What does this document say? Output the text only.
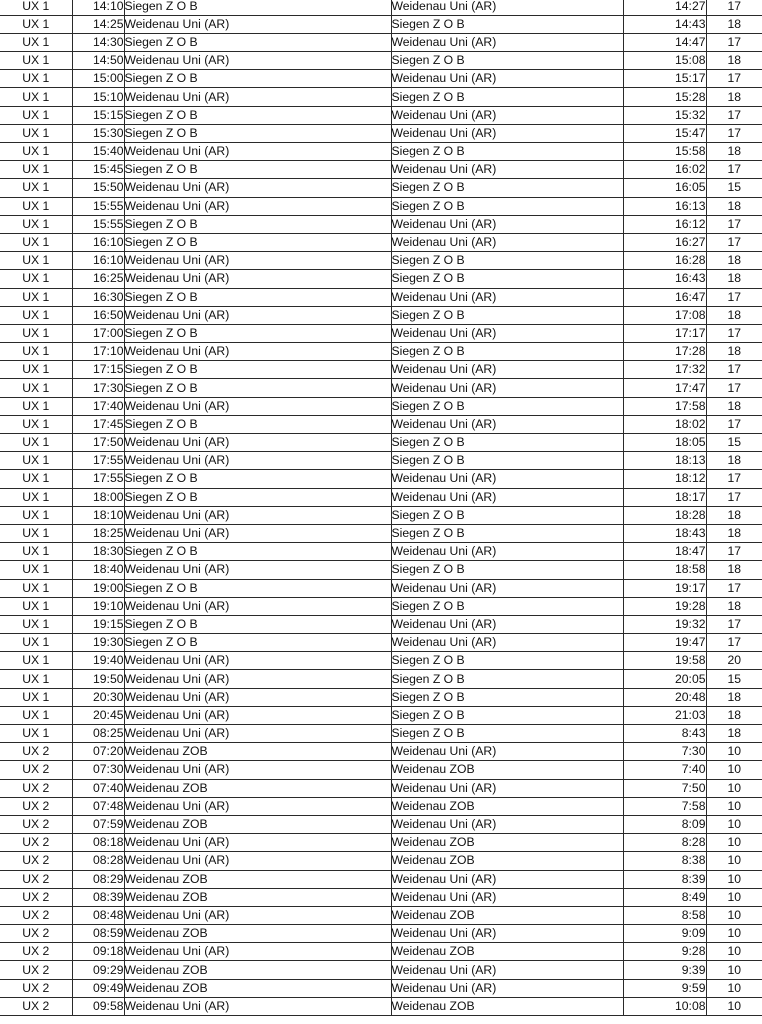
UX 1	14:10	Siegen Z O B	Weidenau Uni (AR)	14:27	17
UX 1	14:25	Weidenau Uni (AR)	Siegen Z O B	14:43	18
UX 1	14:30	Siegen Z O B	Weidenau Uni (AR)	14:47	17
UX 1	14:50	Weidenau Uni (AR)	Siegen Z O B	15:08	18
UX 1	15:00	Siegen Z O B	Weidenau Uni (AR)	15:17	17
UX 1	15:10	Weidenau Uni (AR)	Siegen Z O B	15:28	18
UX 1	15:15	Siegen Z O B	Weidenau Uni (AR)	15:32	17
UX 1	15:30	Siegen Z O B	Weidenau Uni (AR)	15:47	17
UX 1	15:40	Weidenau Uni (AR)	Siegen Z O B	15:58	18
UX 1	15:45	Siegen Z O B	Weidenau Uni (AR)	16:02	17
UX 1	15:50	Weidenau Uni (AR)	Siegen Z O B	16:05	15
UX 1	15:55	Weidenau Uni (AR)	Siegen Z O B	16:13	18
UX 1	15:55	Siegen Z O B	Weidenau Uni (AR)	16:12	17
UX 1	16:10	Siegen Z O B	Weidenau Uni (AR)	16:27	17
UX 1	16:10	Weidenau Uni (AR)	Siegen Z O B	16:28	18
UX 1	16:25	Weidenau Uni (AR)	Siegen Z O B	16:43	18
UX 1	16:30	Siegen Z O B	Weidenau Uni (AR)	16:47	17
UX 1	16:50	Weidenau Uni (AR)	Siegen Z O B	17:08	18
UX 1	17:00	Siegen Z O B	Weidenau Uni (AR)	17:17	17
UX 1	17:10	Weidenau Uni (AR)	Siegen Z O B	17:28	18
UX 1	17:15	Siegen Z O B	Weidenau Uni (AR)	17:32	17
UX 1	17:30	Siegen Z O B	Weidenau Uni (AR)	17:47	17
UX 1	17:40	Weidenau Uni (AR)	Siegen Z O B	17:58	18
UX 1	17:45	Siegen Z O B	Weidenau Uni (AR)	18:02	17
UX 1	17:50	Weidenau Uni (AR)	Siegen Z O B	18:05	15
UX 1	17:55	Weidenau Uni (AR)	Siegen Z O B	18:13	18
UX 1	17:55	Siegen Z O B	Weidenau Uni (AR)	18:12	17
UX 1	18:00	Siegen Z O B	Weidenau Uni (AR)	18:17	17
UX 1	18:10	Weidenau Uni (AR)	Siegen Z O B	18:28	18
UX 1	18:25	Weidenau Uni (AR)	Siegen Z O B	18:43	18
UX 1	18:30	Siegen Z O B	Weidenau Uni (AR)	18:47	17
UX 1	18:40	Weidenau Uni (AR)	Siegen Z O B	18:58	18
UX 1	19:00	Siegen Z O B	Weidenau Uni (AR)	19:17	17
UX 1	19:10	Weidenau Uni (AR)	Siegen Z O B	19:28	18
UX 1	19:15	Siegen Z O B	Weidenau Uni (AR)	19:32	17
UX 1	19:30	Siegen Z O B	Weidenau Uni (AR)	19:47	17
UX 1	19:40	Weidenau Uni (AR)	Siegen Z O B	19:58	20
UX 1	19:50	Weidenau Uni (AR)	Siegen Z O B	20:05	15
UX 1	20:30	Weidenau Uni (AR)	Siegen Z O B	20:48	18
UX 1	20:45	Weidenau Uni (AR)	Siegen Z O B	21:03	18
UX 1	08:25	Weidenau Uni (AR)	Siegen Z O B	8:43	18
UX 2	07:20	Weidenau ZOB	Weidenau Uni (AR)	7:30	10
UX 2	07:30	Weidenau Uni (AR)	Weidenau ZOB	7:40	10
UX 2	07:40	Weidenau ZOB	Weidenau Uni (AR)	7:50	10
UX 2	07:48	Weidenau Uni (AR)	Weidenau ZOB	7:58	10
UX 2	07:59	Weidenau ZOB	Weidenau Uni (AR)	8:09	10
UX 2	08:18	Weidenau Uni (AR)	Weidenau ZOB	8:28	10
UX 2	08:28	Weidenau Uni (AR)	Weidenau ZOB	8:38	10
UX 2	08:29	Weidenau ZOB	Weidenau Uni (AR)	8:39	10
UX 2	08:39	Weidenau ZOB	Weidenau Uni (AR)	8:49	10
UX 2	08:48	Weidenau Uni (AR)	Weidenau ZOB	8:58	10
UX 2	08:59	Weidenau ZOB	Weidenau Uni (AR)	9:09	10
UX 2	09:18	Weidenau Uni (AR)	Weidenau ZOB	9:28	10
UX 2	09:29	Weidenau ZOB	Weidenau Uni (AR)	9:39	10
UX 2	09:49	Weidenau ZOB	Weidenau Uni (AR)	9:59	10
UX 2	09:58	Weidenau Uni (AR)	Weidenau ZOB	10:08	10
